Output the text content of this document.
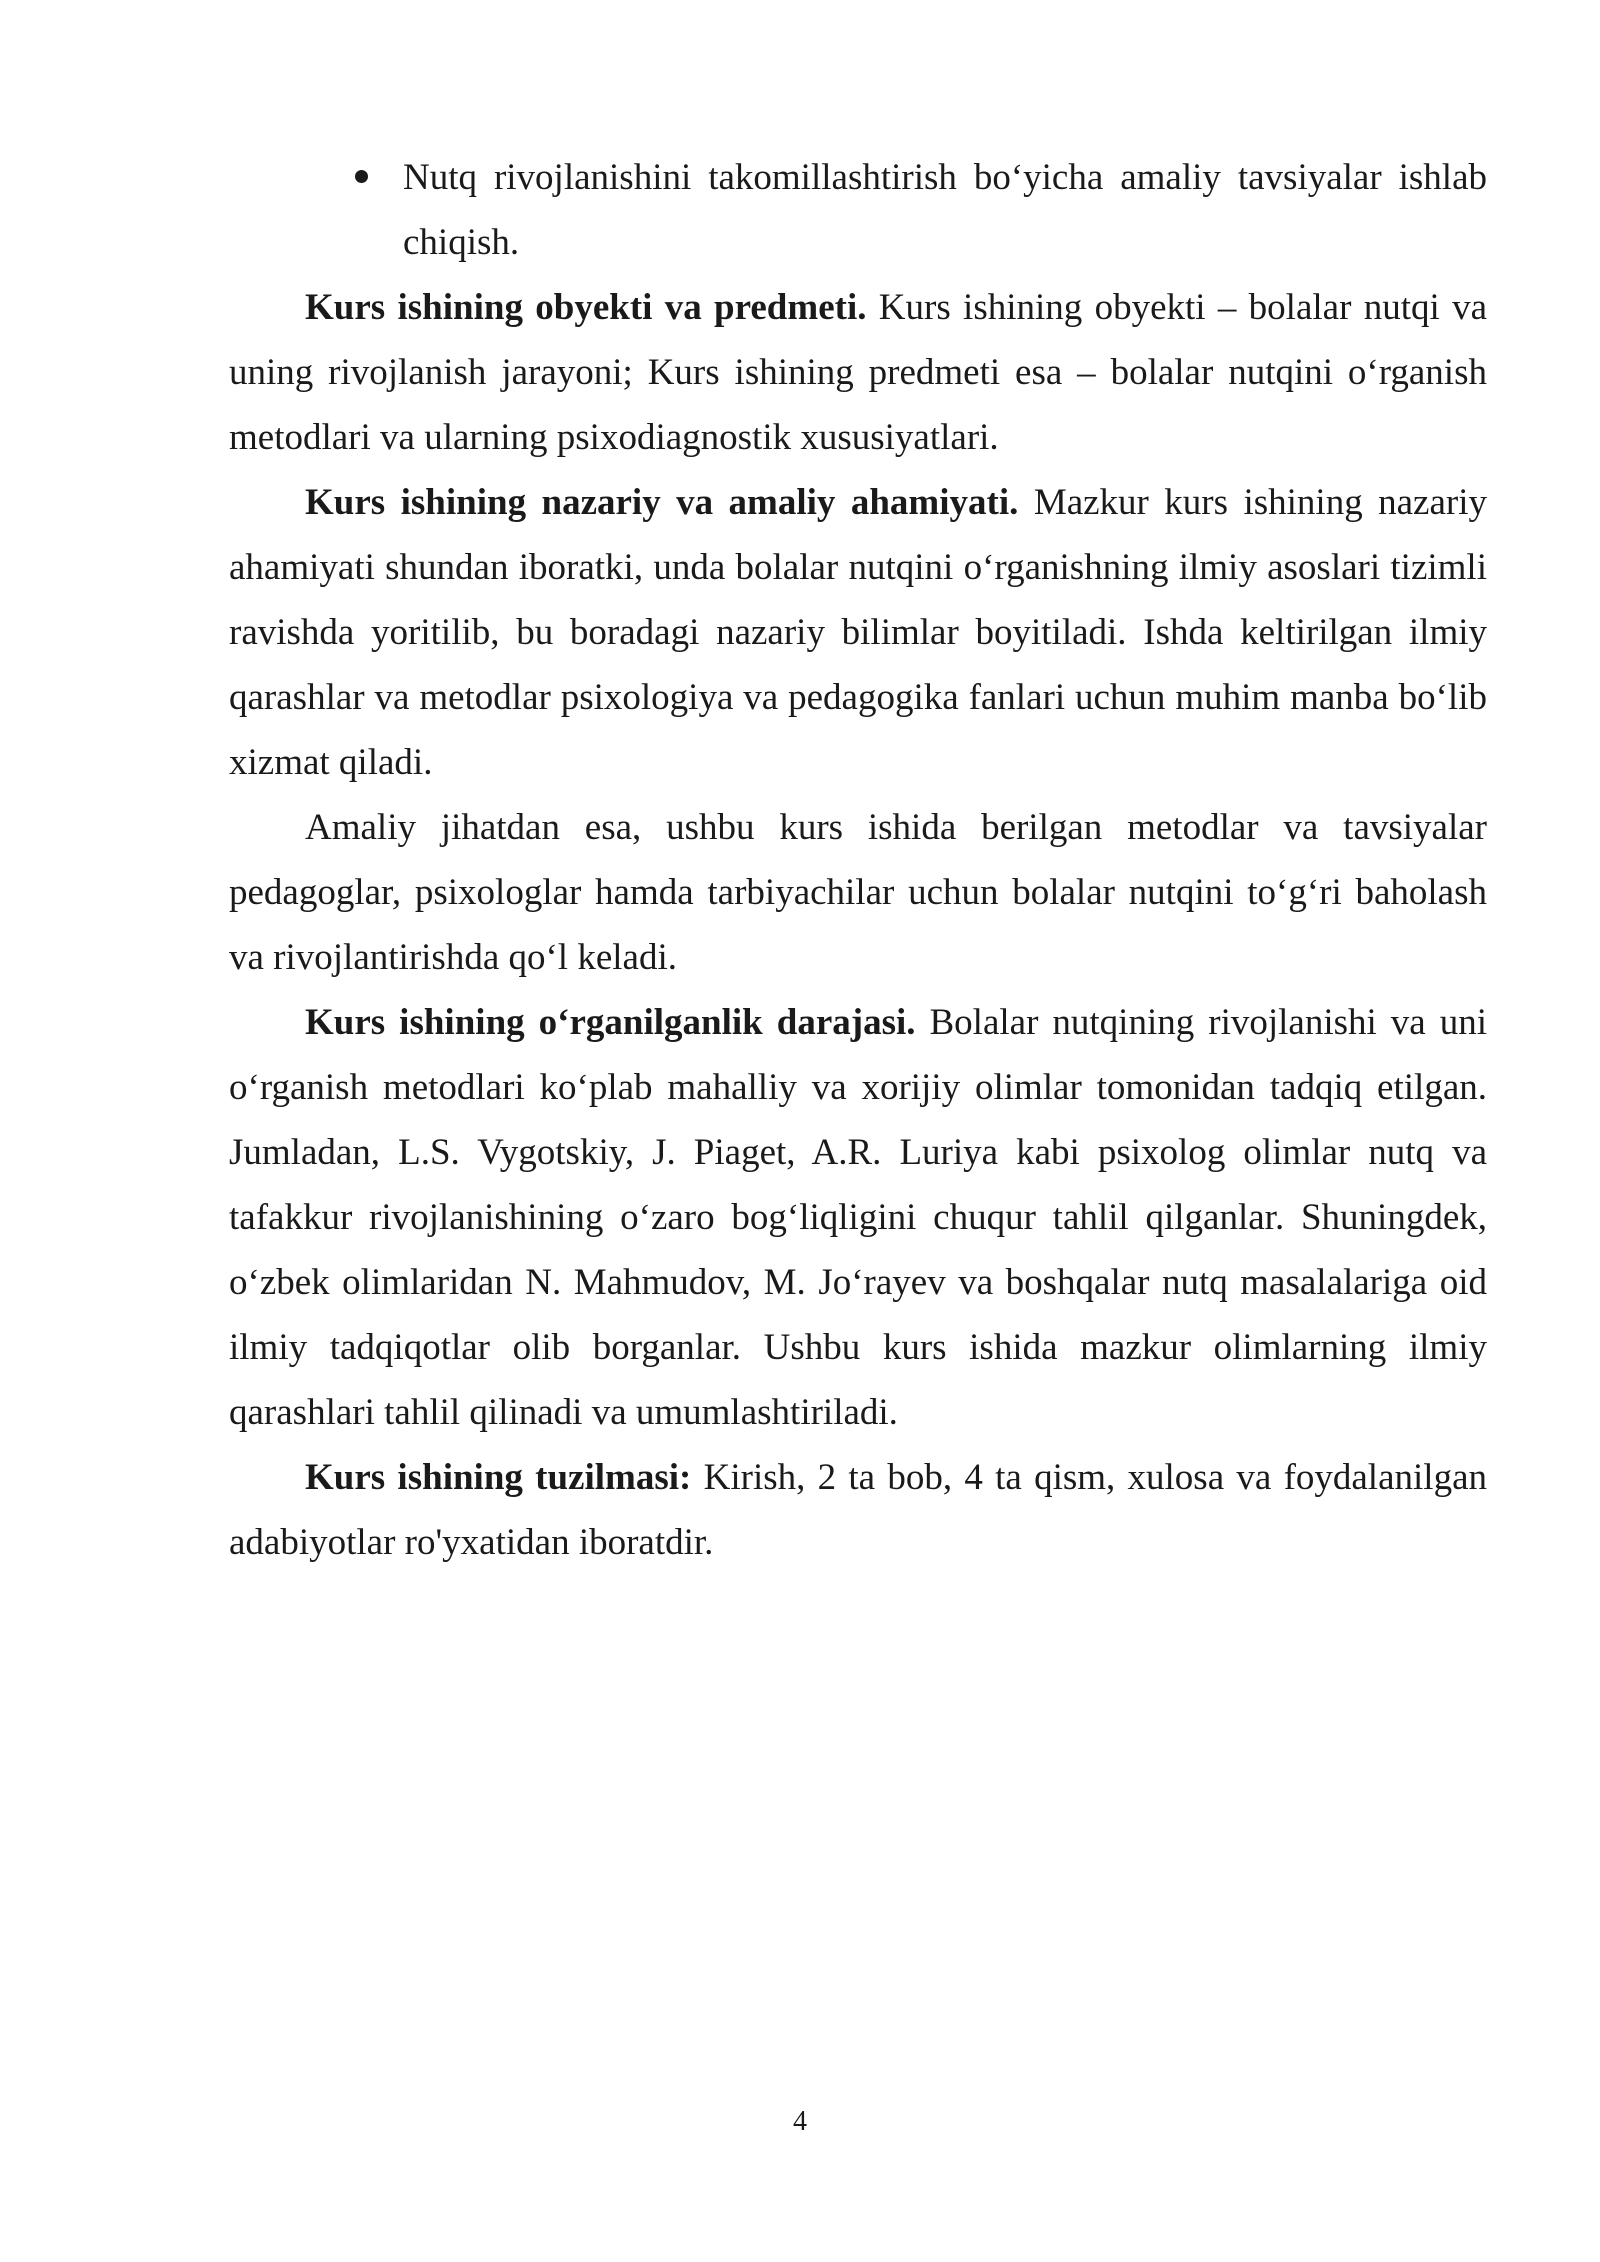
Nutq rivojlanishini takomillashtirish bo‘yicha amaliy tavsiyalar ishlab chiqish.

Kurs ishining obyekti va predmeti. Kurs ishining obyekti – bolalar nutqi va uning rivojlanish jarayoni; Kurs ishining predmeti esa – bolalar nutqini o‘rganish metodlari va ularning psixodiagnostik xususiyatlari.

Kurs ishining nazariy va amaliy ahamiyati. Mazkur kurs ishining nazariy ahamiyati shundan iboratki, unda bolalar nutqini o‘rganishning ilmiy asoslari tizimli ravishda yoritilib, bu boradagi nazariy bilimlar boyitiladi. Ishda keltirilgan ilmiy qarashlar va metodlar psixologiya va pedagogika fanlari uchun muhim manba bo‘lib xizmat qiladi.

Amaliy jihatdan esa, ushbu kurs ishida berilgan metodlar va tavsiyalar pedagoglar, psixologlar hamda tarbiyachilar uchun bolalar nutqini to‘g‘ri baholash va rivojlantirishda qo‘l keladi.

Kurs ishining o‘rganilganlik darajasi. Bolalar nutqining rivojlanishi va uni o‘rganish metodlari ko‘plab mahalliy va xorijiy olimlar tomonidan tadqiq etilgan. Jumladan, L.S. Vygotskiy, J. Piaget, A.R. Luriya kabi psixolog olimlar nutq va tafakkur rivojlanishining o‘zaro bog‘liqligini chuqur tahlil qilganlar. Shuningdek, o‘zbek olimlaridan N. Mahmudov, M. Jo‘rayev va boshqalar nutq masalalariga oid ilmiy tadqiqotlar olib borganlar. Ushbu kurs ishida mazkur olimlarning ilmiy qarashlari tahlil qilinadi va umumlashtiriladi.

Kurs ishining tuzilmasi: Kirish, 2 ta bob, 4 ta qism, xulosa va foydalanilgan adabiyotlar ro'yxatidan iboratdir.

4
